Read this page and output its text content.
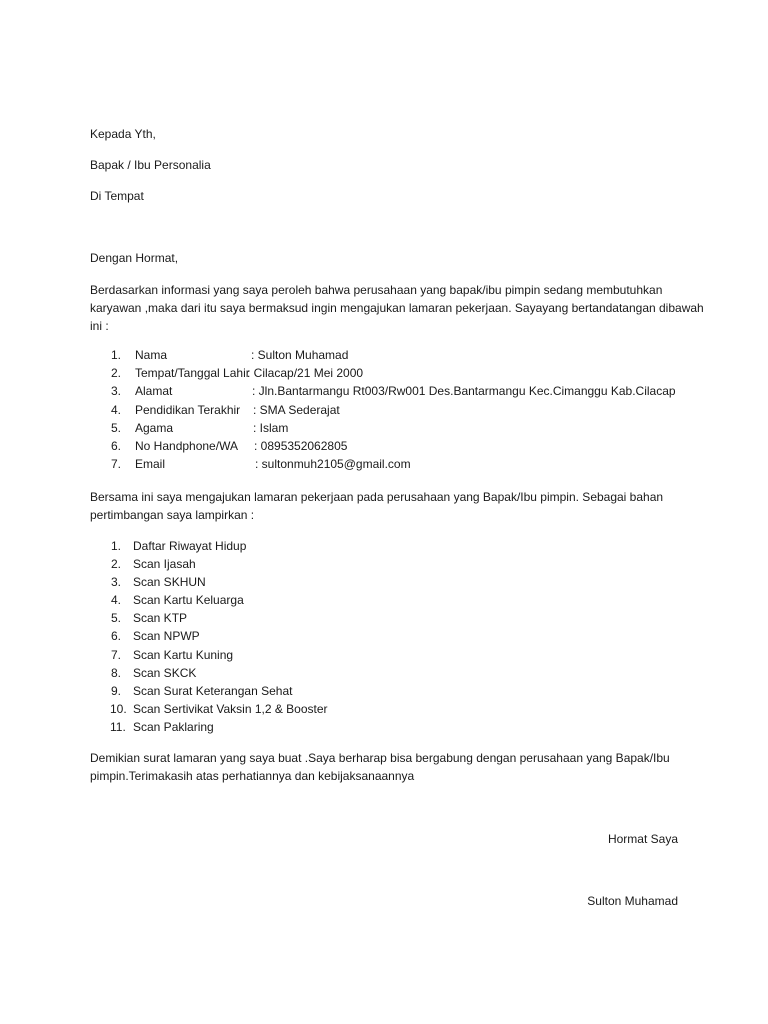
Kepada Yth,
Bapak / Ibu Personalia
Di Tempat
Dengan Hormat,
Berdasarkan informasi yang saya peroleh bahwa perusahaan yang bapak/ibu pimpin sedang membutuhkan
karyawan ,maka dari itu saya bermaksud ingin mengajukan lamaran pekerjaan. Sayayang bertandatangan dibawah
ini :
1. Nama	: Sulton Muhamad
2. Tempat/Tanggal Lahir
: Cilacap/21 Mei 2000
3. Alamat	: Jln.Bantarmangu Rt003/Rw001 Des.Bantarmangu Kec.Cimanggu Kab.Cilacap
4. Pendidikan Terakhir : SMA Sederajat
5. Agama	: Islam
6. No Handphone/WA : 0895352062805
7. Email	: sultonmuh2105@gmail.com
Bersama ini saya mengajukan lamaran pekerjaan pada perusahaan yang Bapak/Ibu pimpin. Sebagai bahan
pertimbangan saya lampirkan :
1. Daftar Riwayat Hidup
2. Scan Ijasah
3. Scan SKHUN
4. Scan Kartu Keluarga
5. Scan KTP
6. Scan NPWP
7. Scan Kartu Kuning
8. Scan SKCK
9. Scan Surat Keterangan Sehat
10. Scan Sertivikat Vaksin 1,2 & Booster
11. Scan Paklaring
Demikian surat lamaran yang saya buat .Saya berharap bisa bergabung dengan perusahaan yang Bapak/Ibu
pimpin.Terimakasih atas perhatiannya dan kebijaksanaannya
Hormat Saya
Sulton Muhamad
